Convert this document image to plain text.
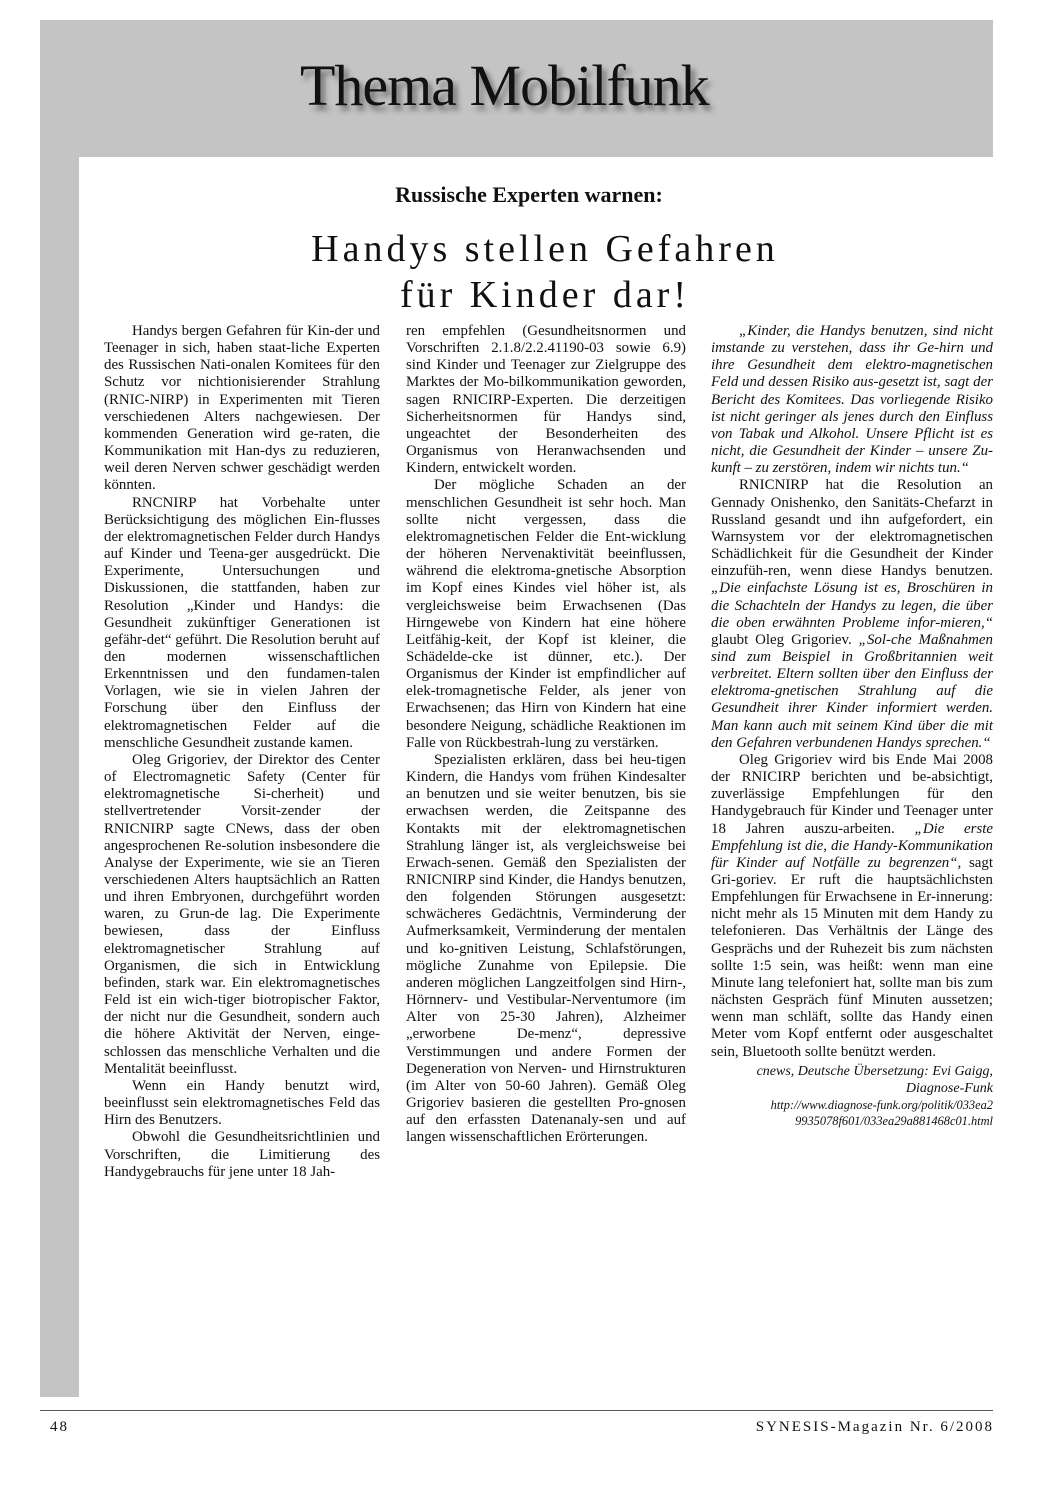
Thema Mobilfunk
Russische Experten warnen:
Handys stellen Gefahren
für Kinder dar!

Handys bergen Gefahren für Kin-der und Teenager in sich, haben staat-liche Experten des Russischen Nati-onalen Komitees für den Schutz vor nichtionisierender Strahlung (RNIC-NIRP) in Experimenten mit Tieren verschiedenen Alters nachgewiesen. Der kommenden Generation wird ge-raten, die Kommunikation mit Han-dys zu reduzieren, weil deren Nerven schwer geschädigt werden könnten.

RNCNIRP hat Vorbehalte unter Berücksichtigung des möglichen Ein-flusses der elektromagnetischen Felder durch Handys auf Kinder und Teena-ger ausgedrückt. Die Experimente, Untersuchungen und Diskussionen, die stattfanden, haben zur Resolution „Kinder und Handys: die Gesundheit zukünftiger Generationen ist gefähr-det“ geführt. Die Resolution beruht auf den modernen wissenschaftlichen Erkenntnissen und den fundamen-talen Vorlagen, wie sie in vielen Jahren der Forschung über den Einfluss der elektromagnetischen Felder auf die menschliche Gesundheit zustande kamen.

Oleg Grigoriev, der Direktor des Center of Electromagnetic Safety (Center für elektromagnetische Si-cherheit) und stellvertretender Vorsit-zender der RNICNIRP sagte CNews, dass der oben angesprochenen Re-solution insbesondere die Analyse der Experimente, wie sie an Tieren verschiedenen Alters hauptsächlich an Ratten und ihren Embryonen, durchgeführt worden waren, zu Grun-de lag. Die Experimente bewiesen, dass der Einfluss elektromagnetischer Strahlung auf Organismen, die sich in Entwicklung befinden, stark war. Ein elektromagnetisches Feld ist ein wich-tiger biotropischer Faktor, der nicht nur die Gesundheit, sondern auch die höhere Aktivität der Nerven, einge-schlossen das menschliche Verhalten und die Mentalität beeinflusst.

Wenn ein Handy benutzt wird, beeinflusst sein elektromagnetisches Feld das Hirn des Benutzers.

Obwohl die Gesundheitsrichtlinien und Vorschriften, die Limitierung des Handygebrauchs für jene unter 18 Jah-

ren empfehlen (Gesundheitsnormen und Vorschriften 2.1.8/2.2.41190-03 sowie 6.9) sind Kinder und Teenager zur Zielgruppe des Marktes der Mo-bilkommunikation geworden, sagen RNICIRP-Experten. Die derzeitigen Sicherheitsnormen für Handys sind, ungeachtet der Besonderheiten des Organismus von Heranwachsenden und Kindern, entwickelt worden.

Der mögliche Schaden an der menschlichen Gesundheit ist sehr hoch. Man sollte nicht vergessen, dass die elektromagnetischen Felder die Ent-wicklung der höheren Nervenaktivität beeinflussen, während die elektroma-gnetische Absorption im Kopf eines Kindes viel höher ist, als vergleichsweise beim Erwachsenen (Das Hirngewebe von Kindern hat eine höhere Leitfähig-keit, der Kopf ist kleiner, die Schädelde-cke ist dünner, etc.). Der Organismus der Kinder ist empfindlicher auf elek-tromagnetische Felder, als jener von Erwachsenen; das Hirn von Kindern hat eine besondere Neigung, schädliche Reaktionen im Falle von Rückbestrah-lung zu verstärken.

Spezialisten erklären, dass bei heu-tigen Kindern, die Handys vom frühen Kindesalter an benutzen und sie weiter benutzen, bis sie erwachsen werden, die Zeitspanne des Kontakts mit der elektromagnetischen Strahlung länger ist, als vergleichsweise bei Erwach-senen. Gemäß den Spezialisten der RNICNIRP sind Kinder, die Handys benutzen, den folgenden Störungen ausgesetzt: schwächeres Gedächtnis, Verminderung der Aufmerksamkeit, Verminderung der mentalen und ko-gnitiven Leistung, Schlafstörungen, mögliche Zunahme von Epilepsie. Die anderen möglichen Langzeitfolgen sind Hirn-, Hörnnerv- und Vestibular-Nerventumore (im Alter von 25-30 Jahren), Alzheimer „erworbene De-menz“, depressive Verstimmungen und andere Formen der Degeneration von Nerven- und Hirnstrukturen (im Alter von 50-60 Jahren). Gemäß Oleg Grigoriev basieren die gestellten Pro-gnosen auf den erfassten Datenanaly-sen und auf langen wissenschaftlichen Erörterungen.

„Kinder, die Handys benutzen, sind nicht imstande zu verstehen, dass ihr Ge-hirn und ihre Gesundheit dem elektro-magnetischen Feld und dessen Risiko aus-gesetzt ist, sagt der Bericht des Komitees. Das vorliegende Risiko ist nicht geringer als jenes durch den Einfluss von Tabak und Alkohol. Unsere Pflicht ist es nicht, die Gesundheit der Kinder – unsere Zu-kunft – zu zerstören, indem wir nichts tun.“

RNICNIRP hat die Resolution an Gennady Onishenko, den Sanitäts-Chefarzt in Russland gesandt und ihn aufgefordert, ein Warnsystem vor der elektromagnetischen Schädlichkeit für die Gesundheit der Kinder einzufüh-ren, wenn diese Handys benutzen. „Die einfachste Lösung ist es, Broschüren in die Schachteln der Handys zu legen, die über die oben erwähnten Probleme infor-mieren,“ glaubt Oleg Grigoriev. „Sol-che Maßnahmen sind zum Beispiel in Großbritannien weit verbreitet. Eltern sollten über den Einfluss der elektroma-gnetischen Strahlung auf die Gesundheit ihrer Kinder informiert werden. Man kann auch mit seinem Kind über die mit den Gefahren verbundenen Handys sprechen.“

Oleg Grigoriev wird bis Ende Mai 2008 der RNICIRP berichten und be-absichtigt, zuverlässige Empfehlungen für den Handygebrauch für Kinder und Teenager unter 18 Jahren auszu-arbeiten. „Die erste Empfehlung ist die, die Handy-Kommunikation für Kinder auf Notfälle zu begrenzen“, sagt Gri-goriev. Er ruft die hauptsächlichsten Empfehlungen für Erwachsene in Er-innerung: nicht mehr als 15 Minuten mit dem Handy zu telefonieren. Das Verhältnis der Länge des Gesprächs und der Ruhezeit bis zum nächsten sollte 1:5 sein, was heißt: wenn man eine Minute lang telefoniert hat, sollte man bis zum nächsten Gespräch fünf Minuten aussetzen; wenn man schläft, sollte das Handy einen Meter vom Kopf entfernt oder ausgeschaltet sein, Bluetooth sollte benützt werden.

cnews, Deutsche Übersetzung: Evi Gaigg,
Diagnose-Funk
http://www.diagnose-funk.org/politik/033ea2
9935078f601/033ea29a881468c01.html
48	SYNESIS-Magazin Nr. 6/2008
